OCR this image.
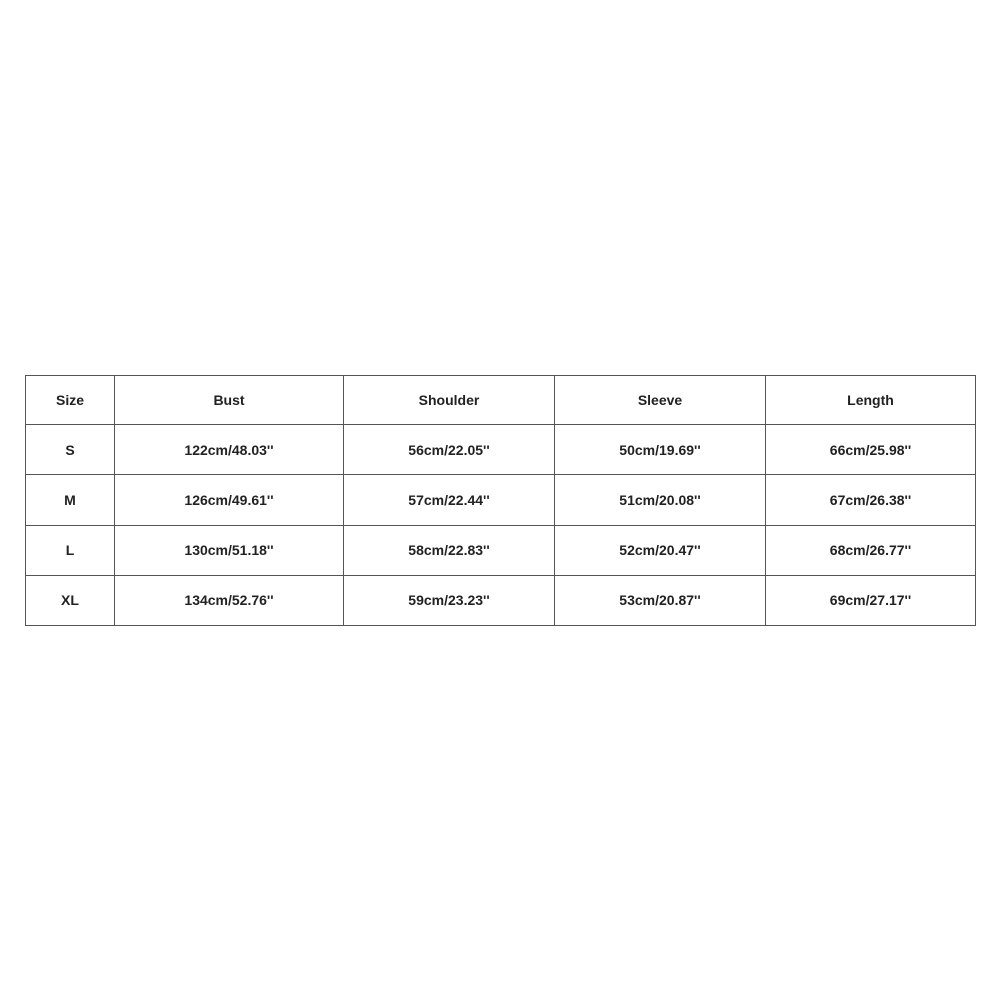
Size	Bust	Shoulder	Sleeve	Length
S	122cm/48.03''	56cm/22.05''	50cm/19.69''	66cm/25.98''
M	126cm/49.61''	57cm/22.44''	51cm/20.08''	67cm/26.38''
L	130cm/51.18''	58cm/22.83''	52cm/20.47''	68cm/26.77''
XL	134cm/52.76''	59cm/23.23''	53cm/20.87''	69cm/27.17''
